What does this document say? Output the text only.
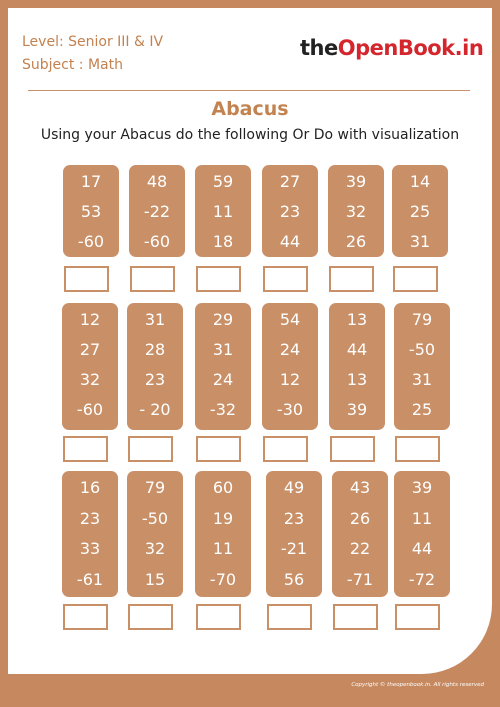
Level: Senior III & IV
Subject : Math
theOpenBook.in
Abacus
Using your Abacus do the following Or Do with visualization
17
53
-60
48
-22
-60
59
11
18
27
23
44
39
32
26
14
25
31
12
27
32
-60
31
28
23
- 20
29
31
24
-32
54
24
12
-30
13
44
13
39
79
-50
31
25
16
23
33
-61
79
-50
32
15
60
19
11
-70
49
23
-21
56
43
26
22
-71
39
11
44
-72
Copyright © theopenbook.in. All rights reserved
